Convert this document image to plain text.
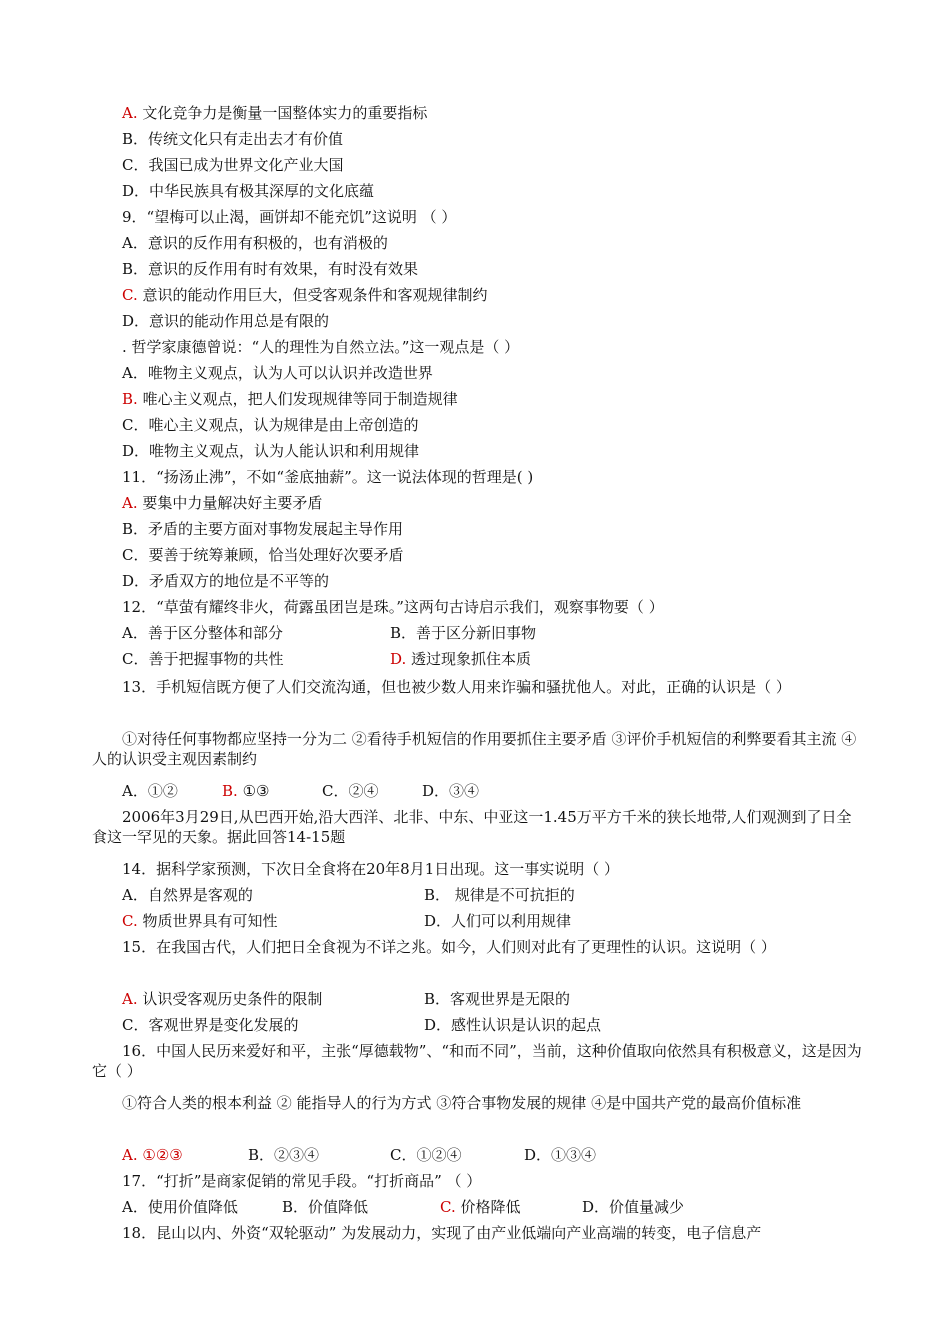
A. 文化竞争力是衡量一国整体实力的重要指标
B．传统文化只有走出去才有价值
C．我国已成为世界文化产业大国
D．中华民族具有极其深厚的文化底蕴
9．“望梅可以止渴，画饼却不能充饥”这说明 （ ）
A．意识的反作用有积极的，也有消极的
B．意识的反作用有时有效果，有时没有效果
C. 意识的能动作用巨大，但受客观条件和客观规律制约
D．意识的能动作用总是有限的
. 哲学家康德曾说：“人的理性为自然立法。”这一观点是（ ）
A．唯物主义观点，认为人可以认识并改造世界
B. 唯心主义观点，把人们发现规律等同于制造规律
C．唯心主义观点，认为规律是由上帝创造的
D．唯物主义观点，认为人能认识和利用规律
11．“扬汤止沸”，不如“釜底抽薪”。这一说法体现的哲理是( )
A. 要集中力量解决好主要矛盾
B．矛盾的主要方面对事物发展起主导作用
C．要善于统筹兼顾，恰当处理好次要矛盾
D．矛盾双方的地位是不平等的
12．“草萤有耀终非火，荷露虽团岂是珠。”这两句古诗启示我们，观察事物要（ ）
A．善于区分整体和部分	B．善于区分新旧事物
C．善于把握事物的共性	D. 透过现象抓住本质
13．手机短信既方便了人们交流沟通，但也被少数人用来诈骗和骚扰他人。对此，正确的认识是（ ）
①对待任何事物都应坚持一分为二 ②看待手机短信的作用要抓住主要矛盾 ③评价手机短信的利弊要看其主流 ④人的认识受主观因素制约
A．①②	B. ①③	C．②④	D．③④
2006年3月29日,从巴西开始,沿大西洋、北非、中东、中亚这一1.45万平方千米的狭长地带,人们观测到了日全食这一罕见的天象。据此回答14-15题
14．据科学家预测，下次日全食将在20年8月1日出现。这一事实说明（ ）
A．自然界是客观的	B． 规律是不可抗拒的
C. 物质世界具有可知性	D．人们可以利用规律
15．在我国古代，人们把日全食视为不详之兆。如今，人们则对此有了更理性的认识。这说明（ ）
A. 认识受客观历史条件的限制	B．客观世界是无限的
C．客观世界是变化发展的	D．感性认识是认识的起点
16．中国人民历来爱好和平，主张“厚德载物”、“和而不同”，当前，这种价值取向依然具有积极意义，这是因为它（ ）
①符合人类的根本利益 ② 能指导人的行为方式 ③符合事物发展的规律 ④是中国共产党的最高价值标准
A. ①②③	B．②③④	C．①②④	D．①③④
17．“打折”是商家促销的常见手段。“打折商品” （ ）
A．使用价值降低	B．价值降低	C. 价格降低	D．价值量减少
18．昆山以内、外资“双轮驱动” 为发展动力，实现了由产业低端向产业高端的转变，电子信息产
